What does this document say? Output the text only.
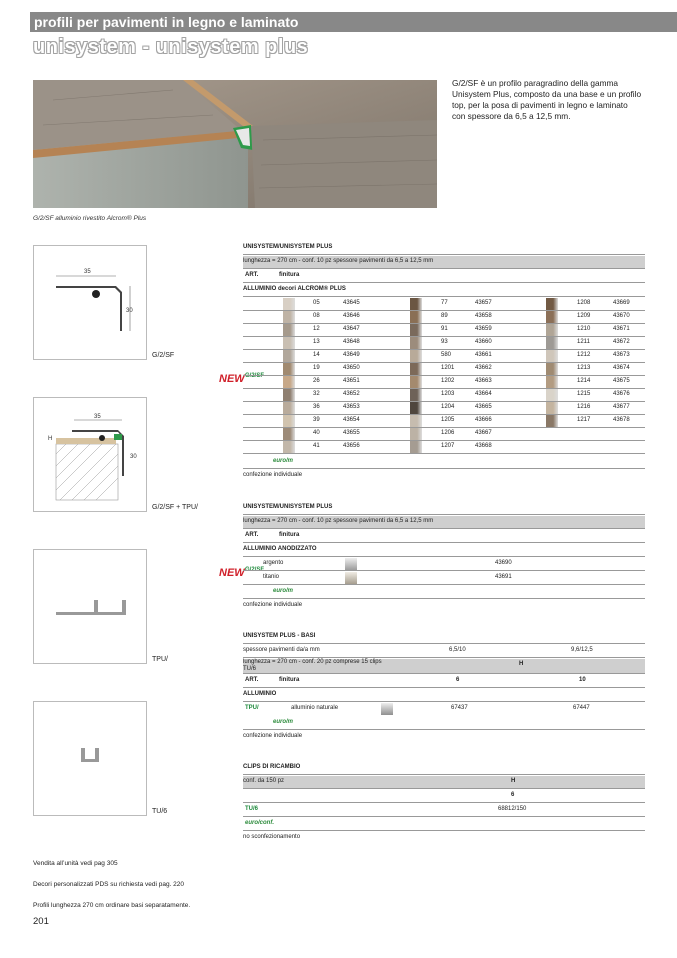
profili per pavimenti in legno e laminato
unisystem - unisystem plus
G/2/SF è un profilo paragradino della gamma Unisystem Plus, composto da una base e un profilo top, per la posa di pavimenti in legno e laminato con spessore da 6,5 a 12,5 mm.
G/2/SF alluminio rivestito Alcrom® Plus
35
30
G/2/SF
35
H
30
G/2/SF + TPU/
TPU/
TU/6
NEW
NEW
UNISYSTEM/UNISYSTEM PLUS
lunghezza = 270 cm - conf. 10 pz spessore pavimenti da 6,5 a 12,5 mm
ART.	finitura
ALLUMINIO decori ALCROM® PLUS
G/2/SF
05	43645	77	43657	1208	43669
08	43646	89	43658	1209	43670
12	43647	91	43659	1210	43671
13	43648	93	43660	1211	43672
14	43649	580	43661	1212	43673
19	43650	1201	43662	1213	43674
26	43651	1202	43663	1214	43675
32	43652	1203	43664	1215	43676
36	43653	1204	43665	1216	43677
39	43654	1205	43666	1217	43678
40	43655	1206	43667
41	43656	1207	43668
euro/m
confezione individuale
UNISYSTEM/UNISYSTEM PLUS
lunghezza = 270 cm - conf. 10 pz spessore pavimenti da 6,5 a 12,5 mm
ART.	finitura
ALLUMINIO ANODIZZATO
G/2/SF
argento	43690
titanio	43691
euro/m
confezione individuale
UNISYSTEM PLUS - BASI
spessore pavimenti da/a mm	6,5/10	9,6/12,5
lunghezza = 270 cm - conf. 20 pz comprese 15 clips TU/6
H
ART.	finitura	6	10
ALLUMINIO
TPU/	alluminio naturale	67437	67447
euro/m
confezione individuale
CLIPS DI RICAMBIO
conf. da 150 pz	H
6
TU/6	68812/150
euro/conf.
no sconfezionamento
Vendita all’unità vedi pag 305
Decori personalizzati PDS su richiesta vedi pag. 220
Profili lunghezza 270 cm ordinare basi separatamente.
201
